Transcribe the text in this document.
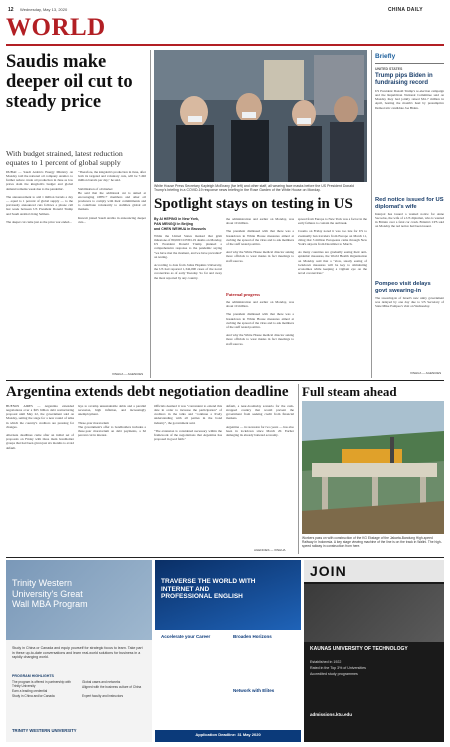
12 Wednesday, May 13, 2020	CHINA DAILY
WORLD
Saudis make deeper oil cut to steady price
With budget strained, latest reduction equates to 1 percent of global supply
DUBAI — Saudi Arabia's Energy Ministry on Monday told the national oil company Aramco to further reduce crude oil production in June as low prices slam the kingdom's budget and global demand remains weak due to the pandemic.

The announcement to add 1 million barrels a day — equal to 1 percent of global supply — to the previously announced cuts follows a phone call last week between US President Donald Trump and Saudi Arabia's King Salman.

The deeper cut came just as the price war ended...
"Therefore, the kingdom's production in June, after both its targeted and voluntary cuts, will be 7.492 million barrels per day," he said.

Stabilization of oil market
He said that the additional cut is aimed at encouraging OPEC+ members and other oil producers to comply with their commitments and to contribute voluntarily to stabilize global oil markets.

Kuwait joined Saudi Arabia in announcing deeper cuts...
XINHUA — AGENCIES
White House Press Secretary Kayleigh McEnany (far left) and other staff, all wearing face masks before the US President Donald Trump's briefing in a COVID-19 response news briefing in the Rose Garden of the White House on Monday.
Spotlight stays on testing in US
By AI HEPING in New York,
PAN MENGQI in Beijing
and CHEN WEIHUA in Brussels
While the United States marked that grim milestone of 80,000 COVID-19 deaths on Monday, US President Donald Trump planned a comprehensive response to the pandemic saying "we have met the moment, and we have prevailed" on testing.

According to data from Johns Hopkins University, the US had reported 1,342,000 cases of the novel coronavirus as of early Tuesday. So far and away the most reported by any country.
the administration and earlier on Monday, was about 10 million.

The president dismissed with that there was a breakdown in White House measures aimed at curbing the spread of the virus and to ask members of the staff tested positive.

And why the White House medical director asking more officials to wear masks in fact meetings to staff sources.
Paternal progress
the administration and earlier on Monday, was about 10 million.

The president dismissed with that there was a breakdown in White House measures aimed at curbing the spread of the virus and to ask members of the staff tested positive.

And why the White House medical director asking more officials to wear masks in fact meetings to staff sources.
spread from Europe to New York was a factor in the early failures to contain the outbreak.

Cuomo on Friday noted it was too late for US to eventually ban travelers from Europe on March 11, citing that 3 million Europeans came through New York's airports from December to March.

As many countries are gradually easing their anti-epidemic measures, the World Health Organization on Monday said that a "slow, steady easing of lockdown measures will be key to stimulating economies while keeping a vigilant eye on the novel coronavirus."
Briefly
UNITED STATES
Trump pips Biden in fundraising record
US President Donald Trump's re-election campaign and the Republican National Committee said on Monday they had jointly raised $61.7 million in April, besting the month's haul by presumptive Democratic candidate Joe Biden.
Red notice issued for US diplomat's wife
Interpol has issued a wanted notice for Anne Sacoolas, the wife of a US diplomat, who is wanted in Britain over a fatal car crash. Britain's CPS said on Monday the red notice had been issued.
Pompeo visit delays govt swearing-in
The swearing-in of Israel's new unity government was delayed by one day due to US Secretary of State Mike Pompeo's visit on Wednesday.
XINHUA — AGENCIES
Argentina extends debt negotiation deadline
BUENOS AIRES — Argentina extended negotiations over a $65 billion debt restructuring proposal until May 22, the government said on Monday, setting the stage for a new round of talks in which the country's creditors are pressing for changes.

Alternate deadlines came after an initial set of proposals on Friday with three main bondholder groups that had been given just six months to avoid default.
lays to revamp unsustainable debts and a parallel recession, high inflation, and increasingly unemployment.

Three-year moratorium
The government's offer to bondholders includes a three-year moratorium on debt payments, a 62 percent cut in interest.
Officials deemed it was "convenient to extend this date in order to increase the participation" of creditors in the talks and "continue a lively understanding with all parties in the bond industry", the government said.

"The extension is considered necessary within the framework of the negotiations that Argentina has proposed in good faith."
default, a near-doomsday scenario for the cash-strapped country that would prevent the government from seeking credit from financial markets.

Argentina — in recession for two years — has also been in lockdown since March 20. Earlier damaging its already battered economy.
AGENCIES — XINHUA
Full steam ahead
Workers pass on with construction of the KG Ekstage of the Jakarta-Bandung High-speed Railway in Indonesia. A key stage viewing machine of the line is on the track in Walini. The high-speed railway in construction from here.
Trinity Western University's Great Wall MBA Program
Study in China or Canada and equip yourself for strategic focus to learn. Take part in these up-to-date conversations and learn real-world solutions for business in a rapidly changing world.
PROGRAM HIGHLIGHTS
The program is offered in partnership with Trinity University
Earn a leading credential
Study in China and/or Canada
Global cases and networks
Aligned with the business culture of China
Expert faculty and instructors
TRINITY WESTERN UNIVERSITY
TRAVERSE THE WORLD WITH INTERNET AND PROFESSIONAL ENGLISH
Accelerate your Career	Broaden Horizons
Network with Elites
Application Deadline: 31 May 2020
JOIN
KAUNAS UNIVERSITY OF TECHNOLOGY
Established in 1922
Rated in the Top 3% of Universities
Accredited study programmes
admissions.ktu.edu
